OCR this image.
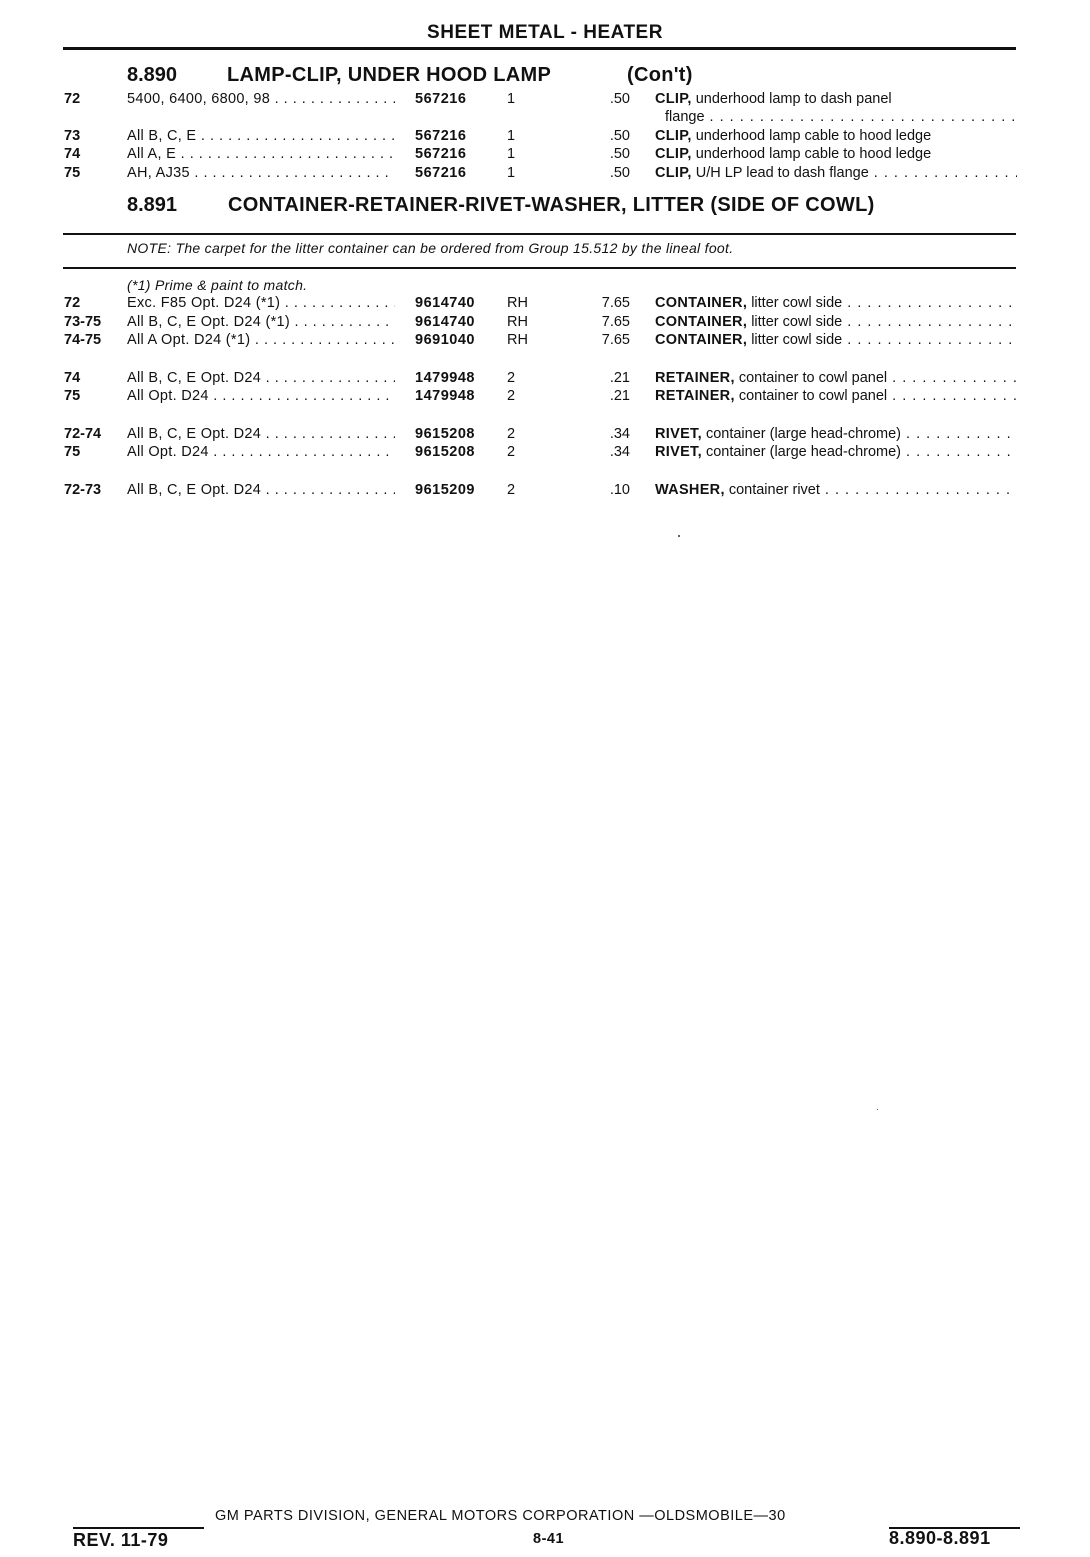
SHEET METAL - HEATER
8.890 LAMP-CLIP, UNDER HOOD LAMP	(Con't)
72	5400, 6400, 6800, 98 . . .	567216	1	.50 CLIP, underhood lamp to dash panel
flange . . .
73	All B, C, E . . .	567216	1	.50 CLIP, underhood lamp cable to hood ledge
74	All A, E . . .	567216	1	.50 CLIP, underhood lamp cable to hood ledge
75	AH, AJ35 . . .	567216	1	.50 CLIP, U/H LP lead to dash flange . . .
8.891	CONTAINER-RETAINER-RIVET-WASHER, LITTER (SIDE OF COWL)
NOTE: The carpet for the litter container can be ordered from Group 15.512 by the lineal foot.
(*1) Prime & paint to match.
72	Exc. F85 Opt. D24 (*1) . . .	9614740 RH	7.65 CONTAINER, litter cowl side . . .
73-75 All B, C, E Opt. D24 (*1) . . .	9614740 RH	7.65 CONTAINER, litter cowl side . . .
74-75 All A Opt. D24 (*1) . . .	9691040 RH	7.65 CONTAINER, litter cowl side . . .
74	All B, C, E Opt. D24 . . .	1479948 2	.21 RETAINER, container to cowl panel . . .
75	All Opt. D24 . . .	1479948 2	.21 RETAINER, container to cowl panel . . .
72-74 All B, C, E Opt. D24 . . .	9615208 2	.34 RIVET, container (large head-chrome) . . .
75	All Opt. D24 . . .	9615208 2	.34 RIVET, container (large head-chrome) . . .
72-73 All B, C, E Opt. D24 . . .	9615209 2	.10 WASHER, container rivet . . .
GM PARTS DIVISION, GENERAL MOTORS CORPORATION —OLDSMOBILE—30
REV. 11-79	8-41	8.890-8.891
